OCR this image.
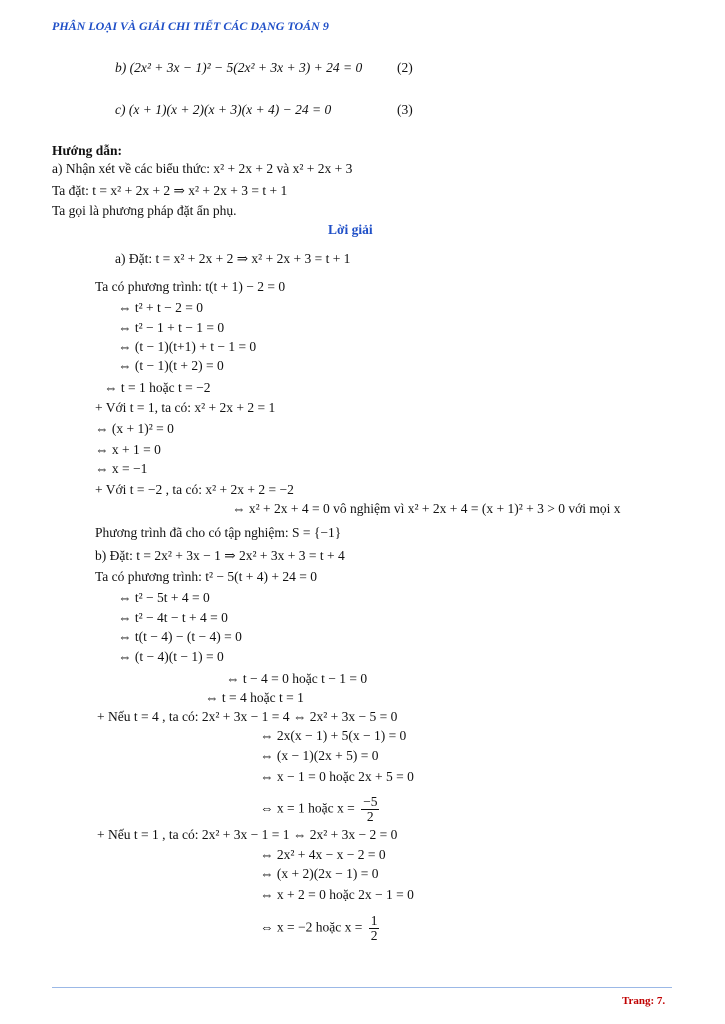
PHÂN LOẠI VÀ GIẢI CHI TIẾT CÁC DẠNG TOÁN 9
b) (2x² + 3x − 1)² − 5(2x² + 3x + 3) + 24 = 0	(2)
c) (x + 1)(x + 2)(x + 3)(x + 4) − 24 = 0	(3)
Hướng dẫn:
a) Nhận xét về các biểu thức: x² + 2x + 2 và x² + 2x + 3
Ta đặt: t = x² + 2x + 2 ⇒ x² + 2x + 3 = t + 1
Ta gọi là phương pháp đặt ẩn phụ.
Lời giải
a) Đặt: t = x² + 2x + 2 ⇒ x² + 2x + 3 = t + 1
Ta có phương trình: t(t + 1) − 2 = 0
⇔ t² + t − 2 = 0
⇔ t² − 1 + t − 1 = 0
⇔ (t − 1)(t+1) + t − 1 = 0
⇔ (t − 1)(t + 2) = 0
⇔ t = 1 hoặc t = −2
+ Với t = 1, ta có: x² + 2x + 2 = 1
⇔ (x + 1)² = 0
⇔ x + 1 = 0
⇔ x = −1
+ Với t = −2 , ta có: x² + 2x + 2 = −2
⇔ x² + 2x + 4 = 0 vô nghiệm vì x² + 2x + 4 = (x + 1)² + 3 > 0 với mọi x
Phương trình đã cho có tập nghiệm: S = {−1}
b) Đặt: t = 2x² + 3x − 1 ⇒ 2x² + 3x + 3 = t + 4
Ta có phương trình: t² − 5(t + 4) + 24 = 0
⇔ t² − 5t + 4 = 0
⇔ t² − 4t − t + 4 = 0
⇔ t(t − 4) − (t − 4) = 0
⇔ (t − 4)(t − 1) = 0
⇔ t − 4 = 0 hoặc t − 1 = 0
⇔ t = 4 hoặc t = 1
+ Nếu t = 4 , ta có: 2x² + 3x − 1 = 4 ⇔ 2x² + 3x − 5 = 0
⇔ 2x(x − 1) + 5(x − 1) = 0
⇔ (x − 1)(2x + 5) = 0
⇔ x − 1 = 0 hoặc 2x + 5 = 0
⇔ x = 1 hoặc $x = \frac{-5}{2}$
+ Nếu t = 1 , ta có: 2x² + 3x − 1 = 1 ⇔ 2x² + 3x − 2 = 0
⇔ 2x² + 4x − x − 2 = 0
⇔ (x + 2)(2x − 1) = 0
⇔ x + 2 = 0 hoặc 2x − 1 = 0
⇔ x = −2 hoặc $x = \frac{1}{2}$
Trang: 7.
